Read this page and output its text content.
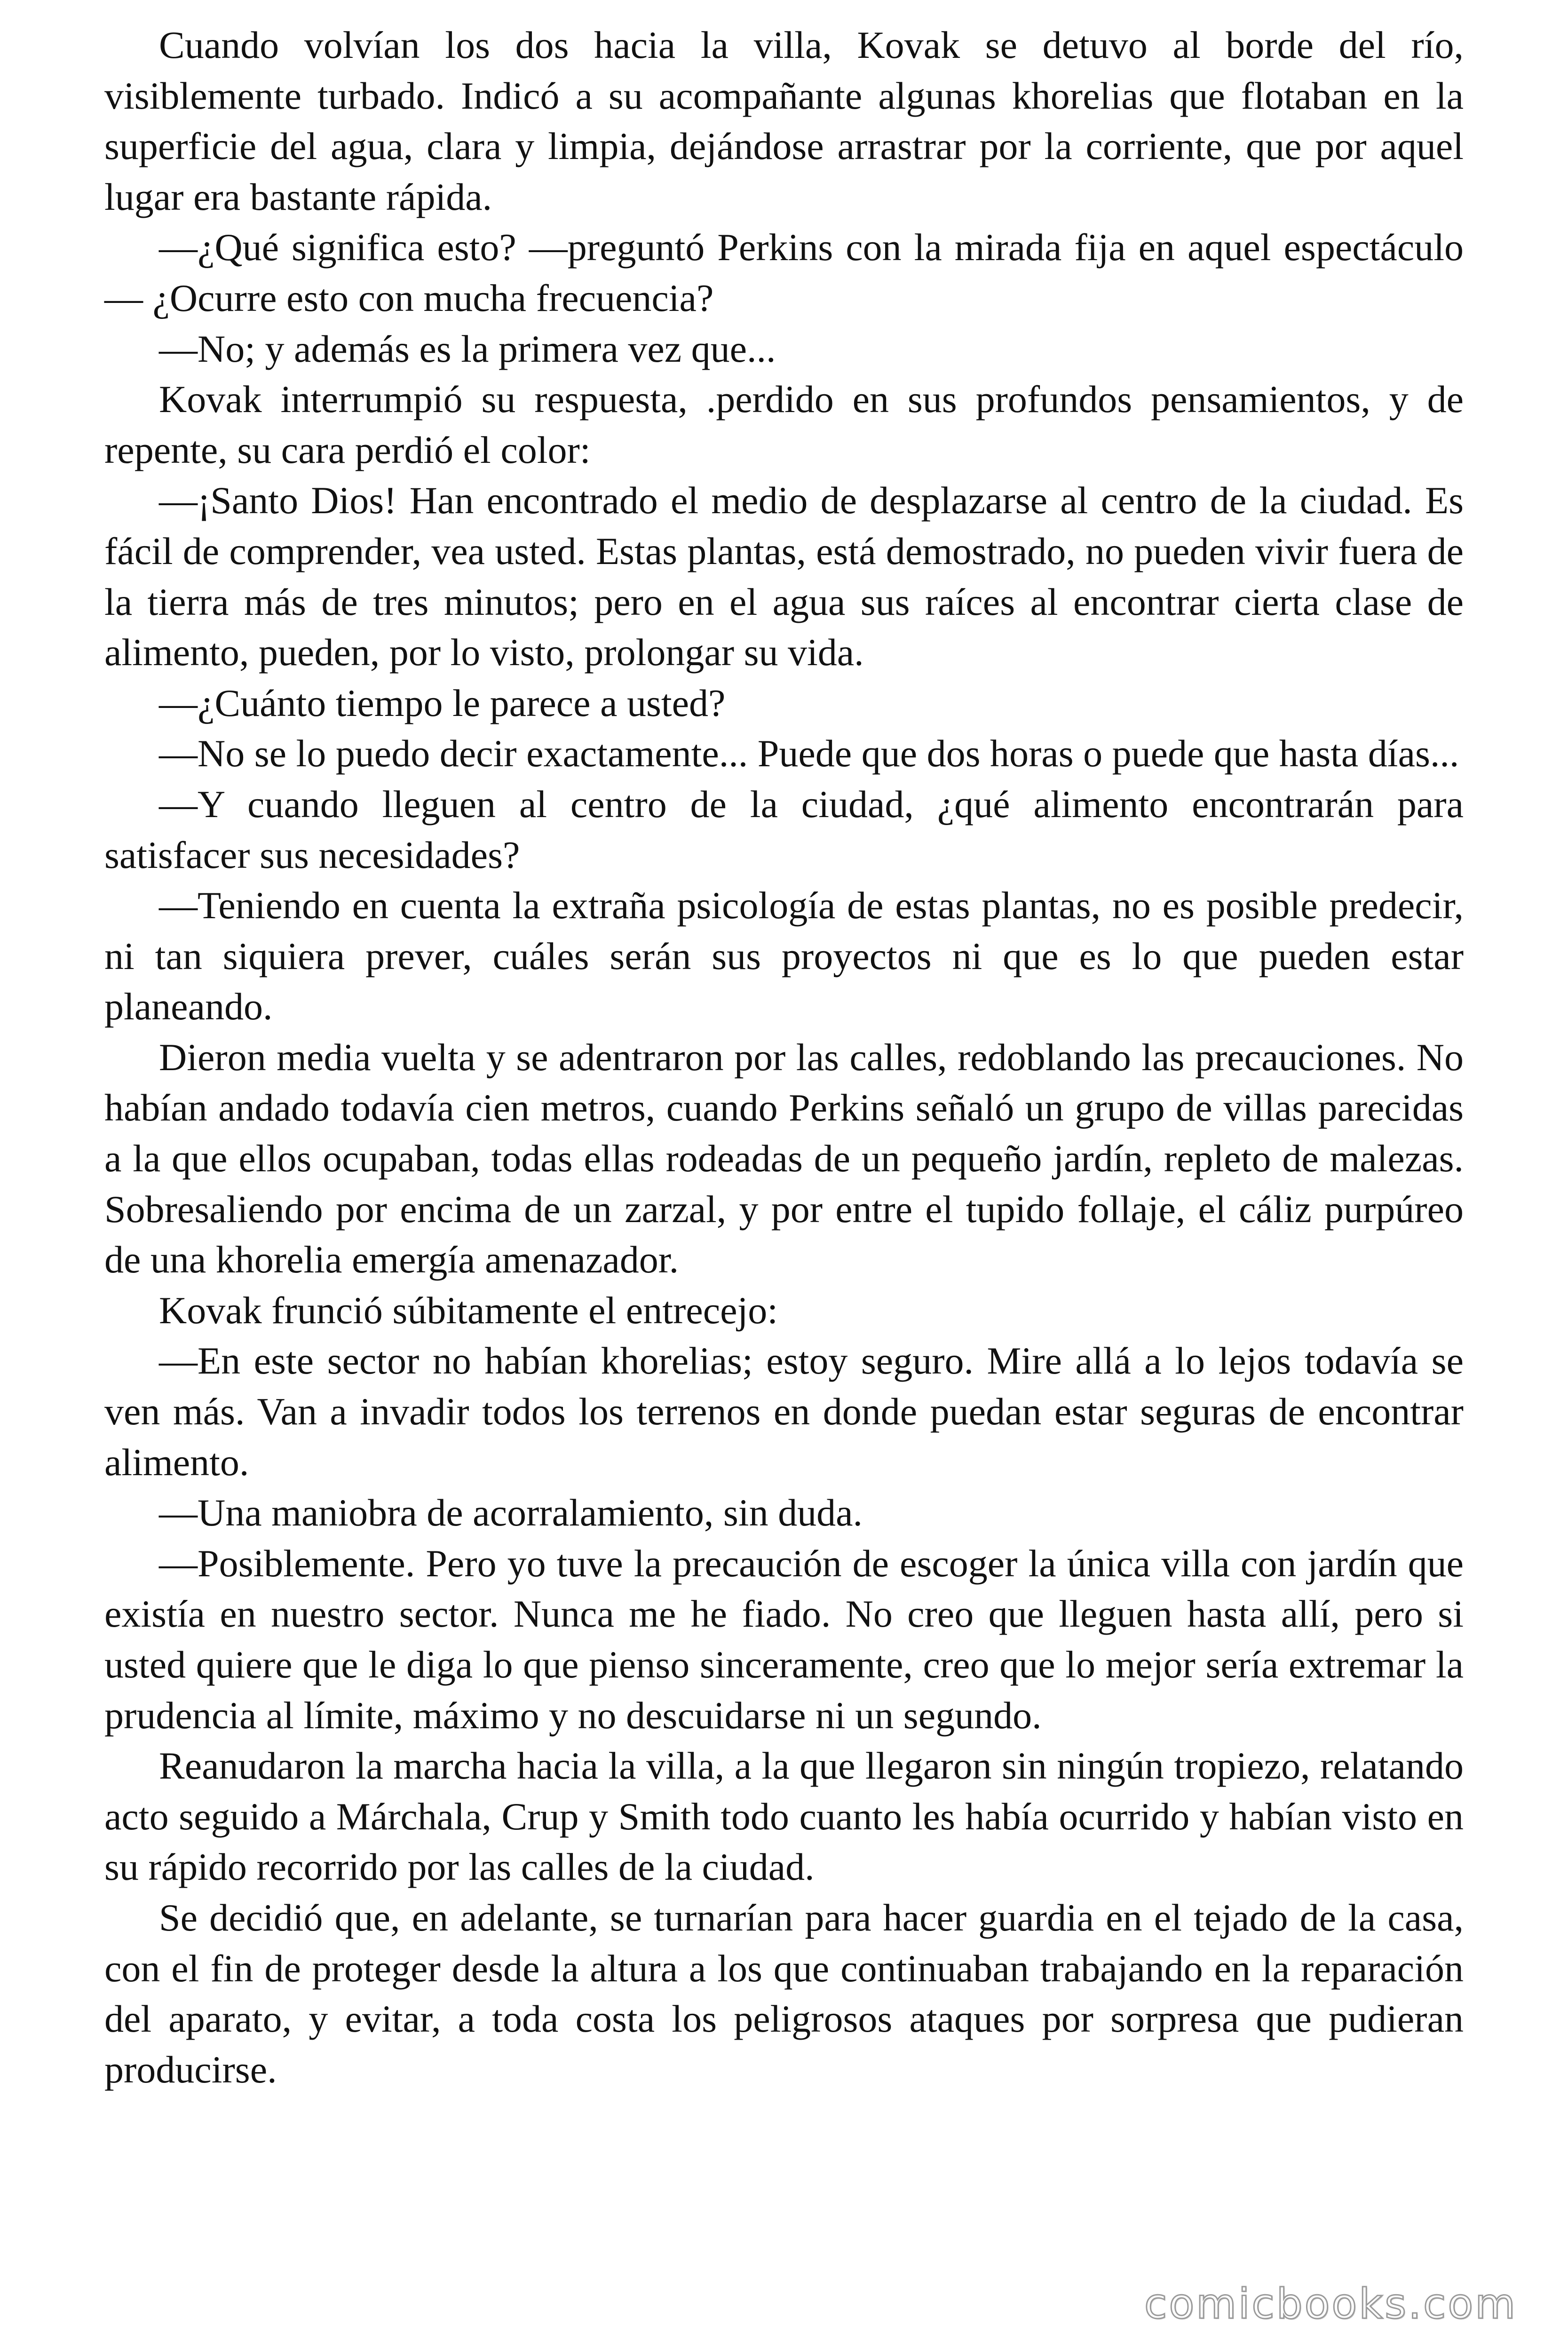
Cuando volvían los dos hacia la villa, Kovak se detuvo al borde del río, visiblemente turbado. Indicó a su acompañante algunas khorelias que flotaban en la superficie del agua, clara y limpia, dejándose arrastrar por la corriente, que por aquel lugar era bastante rápida.

—¿Qué significa esto? —preguntó Perkins con la mirada fija en aquel espectáculo— ¿Ocurre esto con mucha frecuencia?

—No; y además es la primera vez que...

Kovak interrumpió su respuesta, .perdido en sus profundos pensamientos, y de repente, su cara perdió el color:

—¡Santo Dios! Han encontrado el medio de desplazarse al centro de la ciudad. Es fácil de comprender, vea usted. Estas plantas, está demostrado, no pueden vivir fuera de la tierra más de tres minutos; pero en el agua sus raíces al encontrar cierta clase de alimento, pueden, por lo visto, prolongar su vida.

—¿Cuánto tiempo le parece a usted?

—No se lo puedo decir exactamente... Puede que dos horas o puede que hasta días...

—Y cuando lleguen al centro de la ciudad, ¿qué alimento encontrarán para satisfacer sus necesidades?

—Teniendo en cuenta la extraña psicología de estas plantas, no es posible predecir, ni tan siquiera prever, cuáles serán sus proyectos ni que es lo que pueden estar planeando.

Dieron media vuelta y se adentraron por las calles, redoblando las precauciones. No habían andado todavía cien metros, cuando Perkins señaló un grupo de villas parecidas a la que ellos ocupaban, todas ellas rodeadas de un pequeño jardín, repleto de malezas. Sobresaliendo por encima de un zarzal, y por entre el tupido follaje, el cáliz purpúreo de una khorelia emergía amenazador.

Kovak frunció súbitamente el entrecejo:

—En este sector no habían khorelias; estoy seguro. Mire allá a lo lejos todavía se ven más. Van a invadir todos los terrenos en donde puedan estar seguras de encontrar alimento.

—Una maniobra de acorralamiento, sin duda.

—Posiblemente. Pero yo tuve la precaución de escoger la única villa con jardín que existía en nuestro sector. Nunca me he fiado. No creo que lleguen hasta allí, pero si usted quiere que le diga lo que pienso sinceramente, creo que lo mejor sería extremar la prudencia al límite, máximo y no descuidarse ni un segundo.

Reanudaron la marcha hacia la villa, a la que llegaron sin ningún tropiezo, relatando acto seguido a Márchala, Crup y Smith todo cuanto les había ocurrido y habían visto en su rápido recorrido por las calles de la ciudad.

Se decidió que, en adelante, se turnarían para hacer guardia en el tejado de la casa, con el fin de proteger desde la altura a los que continuaban trabajando en la reparación del aparato, y evitar, a toda costa los peligrosos ataques por sorpresa que pudieran producirse.

comicbooks.com
